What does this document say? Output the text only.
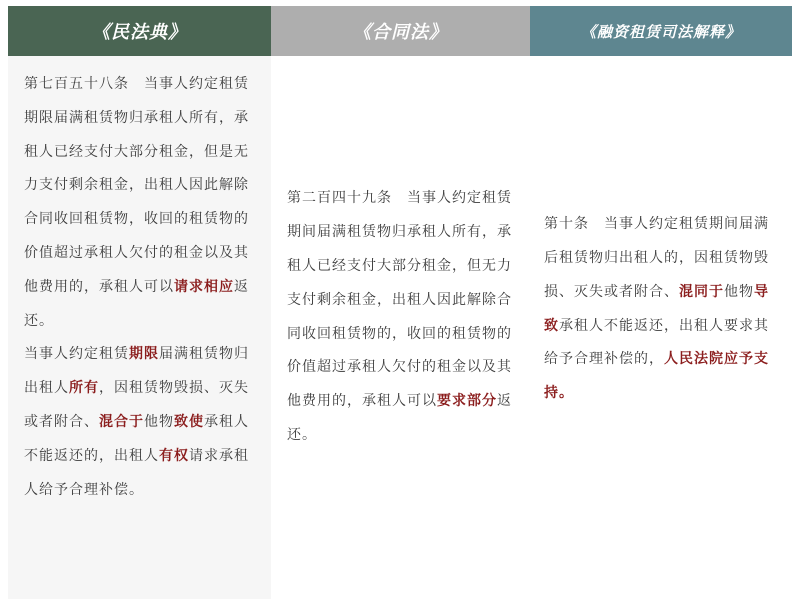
《民法典》	《合同法》	《融资租赁司法解释》

第七百五十八条　当事人约定租赁期限届满租赁物归承租人所有，承租人已经支付大部分租金，但是无力支付剩余租金，出租人因此解除合同收回租赁物，收回的租赁物的价值超过承租人欠付的租金以及其他费用的，承租人可以请求相应返还。

当事人约定租赁期限届满租赁物归出租人所有，因租赁物毁损、灭失或者附合、混合于他物致使承租人不能返还的，出租人有权请求承租人给予合理补偿。

第二百四十九条　当事人约定租赁期间届满租赁物归承租人所有，承租人已经支付大部分租金，但无力支付剩余租金，出租人因此解除合同收回租赁物的，收回的租赁物的价值超过承租人欠付的租金以及其他费用的，承租人可以要求部分返还。

第十条　当事人约定租赁期间届满后租赁物归出租人的，因租赁物毁损、灭失或者附合、混同于他物导致承租人不能返还，出租人要求其给予合理补偿的，人民法院应予支持。
